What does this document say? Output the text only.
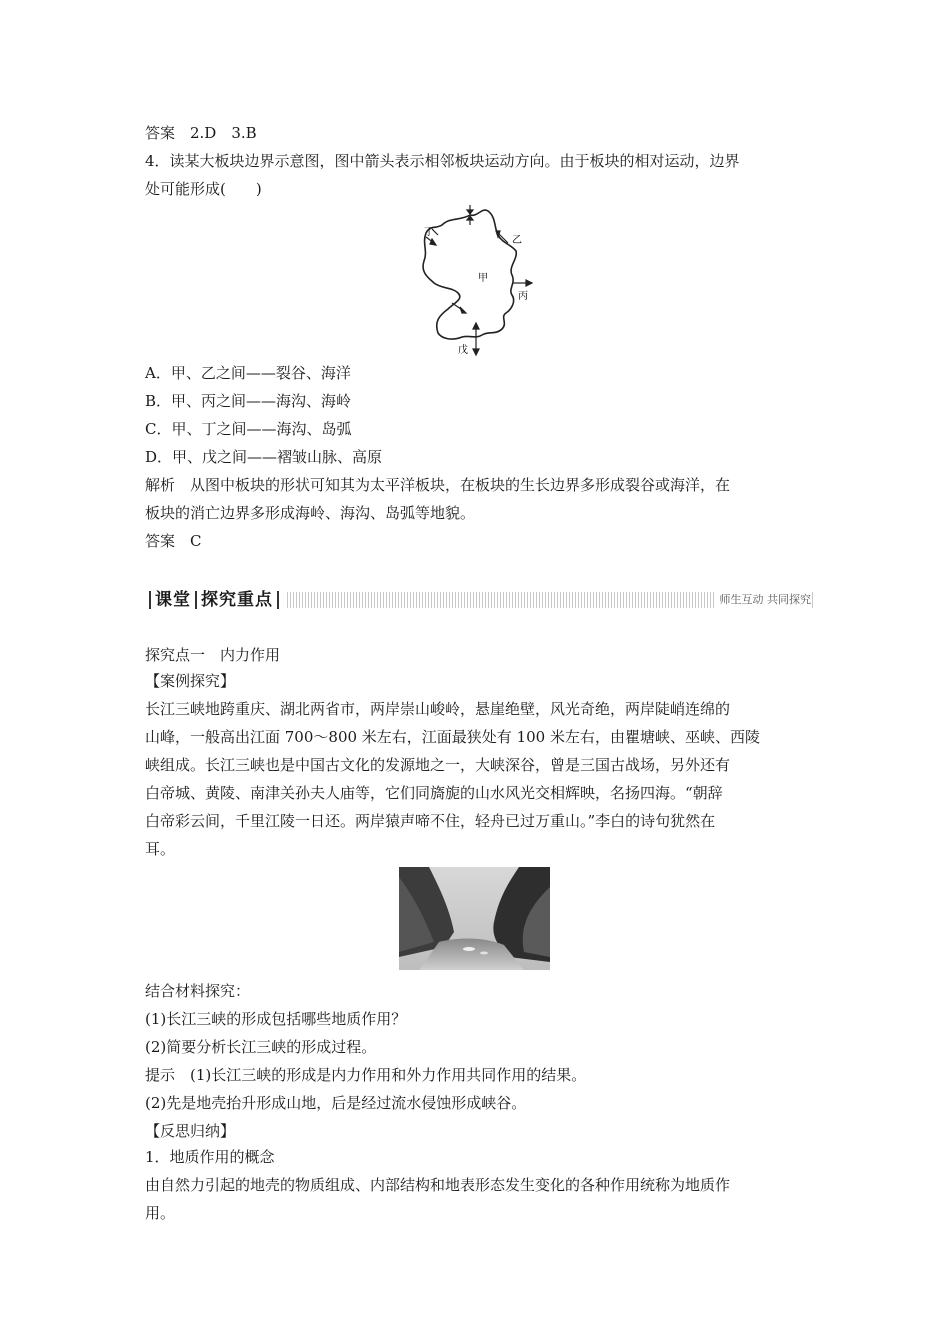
答案　2.D　3.B
4．读某大板块边界示意图，图中箭头表示相邻板块运动方向。由于板块的相对运动，边界
处可能形成(　　)
甲
乙
丙
丁
戊
A．甲、乙之间——裂谷、海洋
B．甲、丙之间——海沟、海岭
C．甲、丁之间——海沟、岛弧
D．甲、戊之间——褶皱山脉、高原
解析　从图中板块的形状可知其为太平洋板块，在板块的生长边界多形成裂谷或海洋，在
板块的消亡边界多形成海岭、海沟、岛弧等地貌。
答案　C
课堂 探究重点	师生互动 共同探究
探究点一　内力作用
【案例探究】
长江三峡地跨重庆、湖北两省市，两岸崇山峻岭，悬崖绝壁，风光奇绝，两岸陡峭连绵的
山峰，一般高出江面 700～800 米左右，江面最狭处有 100 米左右，由瞿塘峡、巫峡、西陵
峡组成。长江三峡也是中国古文化的发源地之一，大峡深谷，曾是三国古战场，另外还有
白帝城、黄陵、南津关孙夫人庙等，它们同旖旎的山水风光交相辉映，名扬四海。“朝辞
白帝彩云间，千里江陵一日还。两岸猿声啼不住，轻舟已过万重山。”李白的诗句犹然在
耳。
结合材料探究：
(1)长江三峡的形成包括哪些地质作用？
(2)简要分析长江三峡的形成过程。
提示　(1)长江三峡的形成是内力作用和外力作用共同作用的结果。
(2)先是地壳抬升形成山地，后是经过流水侵蚀形成峡谷。
【反思归纳】
1．地质作用的概念
由自然力引起的地壳的物质组成、内部结构和地表形态发生变化的各种作用统称为地质作
用。
